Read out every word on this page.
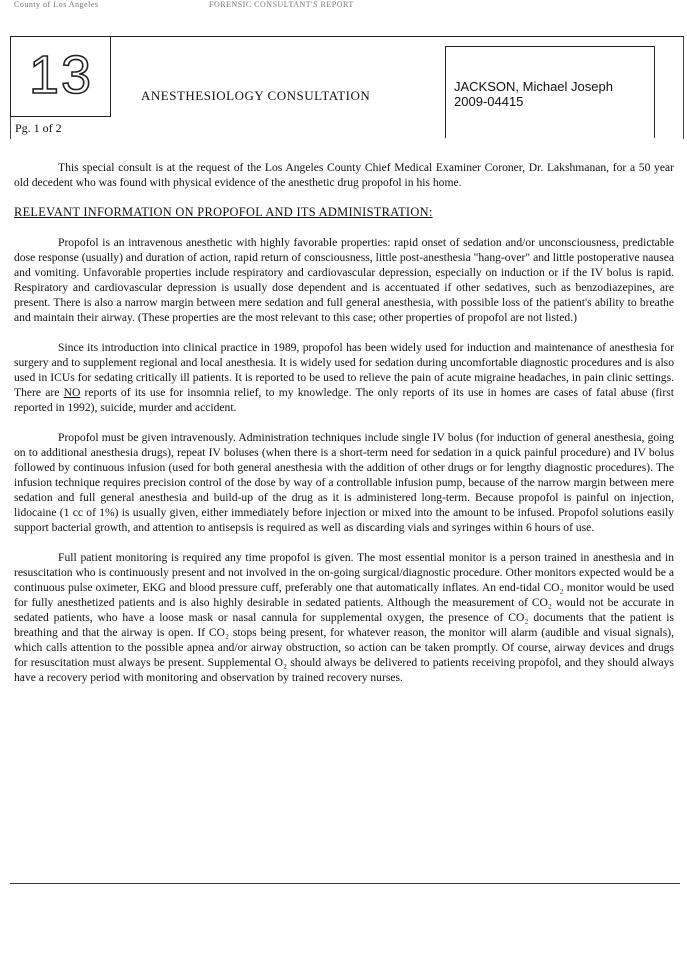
County of Los Angeles	FORENSIC CONSULTANT'S REPORT
13	ANESTHESIOLOGY CONSULTATION
JACKSON, Michael Joseph
2009-04415
Pg. 1 of 2

This special consult is at the request of the Los Angeles County Chief Medical Examiner Coroner, Dr. Lakshmanan, for a 50 year old decedent who was found with physical evidence of the anesthetic drug propofol in his home.

RELEVANT INFORMATION ON PROPOFOL AND ITS ADMINISTRATION:

Propofol is an intravenous anesthetic with highly favorable properties: rapid onset of sedation and/or unconsciousness, predictable dose response (usually) and duration of action, rapid return of consciousness, little post-anesthesia "hang-over" and little postoperative nausea and vomiting. Unfavorable properties include respiratory and cardiovascular depression, especially on induction or if the IV bolus is rapid. Respiratory and cardiovascular depression is usually dose dependent and is accentuated if other sedatives, such as benzodiazepines, are present. There is also a narrow margin between mere sedation and full general anesthesia, with possible loss of the patient's ability to breathe and maintain their airway. (These properties are the most relevant to this case; other properties of propofol are not listed.)

Since its introduction into clinical practice in 1989, propofol has been widely used for induction and maintenance of anesthesia for surgery and to supplement regional and local anesthesia. It is widely used for sedation during uncomfortable diagnostic procedures and is also used in ICUs for sedating critically ill patients. It is reported to be used to relieve the pain of acute migraine headaches, in pain clinic settings. There are NO reports of its use for insomnia relief, to my knowledge. The only reports of its use in homes are cases of fatal abuse (first reported in 1992), suicide, murder and accident.

Propofol must be given intravenously. Administration techniques include single IV bolus (for induction of general anesthesia, going on to additional anesthesia drugs), repeat IV boluses (when there is a short-term need for sedation in a quick painful procedure) and IV bolus followed by continuous infusion (used for both general anesthesia with the addition of other drugs or for lengthy diagnostic procedures). The infusion technique requires precision control of the dose by way of a controllable infusion pump, because of the narrow margin between mere sedation and full general anesthesia and build-up of the drug as it is administered long-term. Because propofol is painful on injection, lidocaine (1 cc of 1%) is usually given, either immediately before injection or mixed into the amount to be infused. Propofol solutions easily support bacterial growth, and attention to antisepsis is required as well as discarding vials and syringes within 6 hours of use.

Full patient monitoring is required any time propofol is given. The most essential monitor is a person trained in anesthesia and in resuscitation who is continuously present and not involved in the on-going surgical/diagnostic procedure. Other monitors expected would be a continuous pulse oximeter, EKG and blood pressure cuff, preferably one that automatically inflates. An end-tidal CO₂ monitor would be used for fully anesthetized patients and is also highly desirable in sedated patients. Although the measurement of CO₂ would not be accurate in sedated patients, who have a loose mask or nasal cannula for supplemental oxygen, the presence of CO₂ documents that the patient is breathing and that the airway is open. If CO₂ stops being present, for whatever reason, the monitor will alarm (audible and visual signals), which calls attention to the possible apnea and/or airway obstruction, so action can be taken promptly. Of course, airway devices and drugs for resuscitation must always be present. Supplemental O₂ should always be delivered to patients receiving propofol, and they should always have a recovery period with monitoring and observation by trained recovery nurses.
